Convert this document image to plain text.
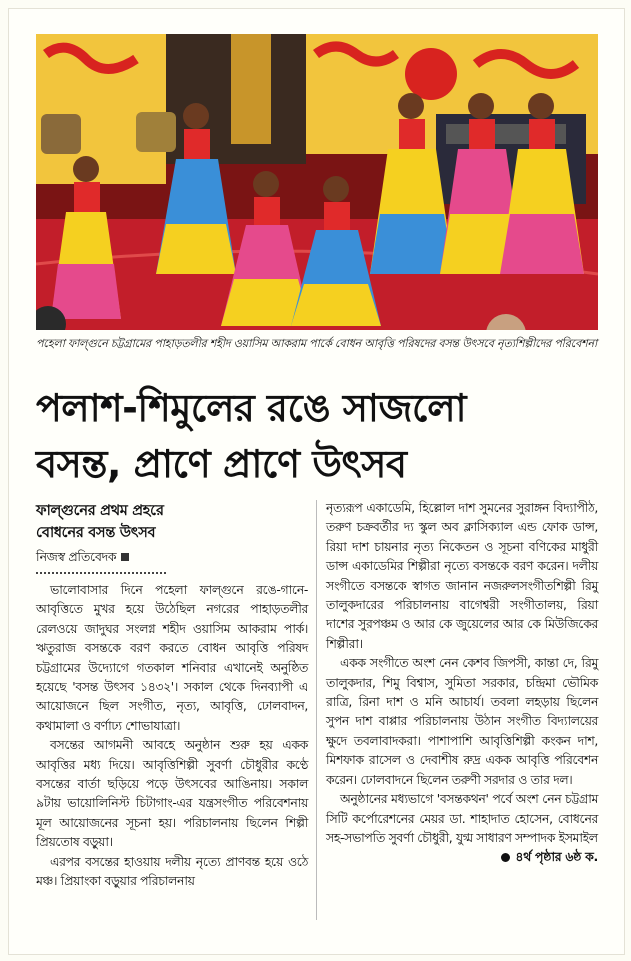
পহেলা ফাল্গুনে চট্টগ্রামের পাহাড়তলীর শহীদ ওয়াসিম আকরাম পার্কে বোধন আবৃত্তি পরিষদের বসন্ত উৎসবে নৃত্যশিল্পীদের পরিবেশনা
পলাশ-শিমুলের রঙে সাজলো
বসন্ত, প্রাণে প্রাণে উৎসব
ফাল্গুনের প্রথম প্রহরে
বোধনের বসন্ত উৎসব
নিজস্ব প্রতিবেদক

ভালোবাসার দিনে পহেলা ফাল্গুনে রঙে-গানে-আবৃত্তিতে মুখর হয়ে উঠেছিল নগরের পাহাড়তলীর রেলওয়ে জাদুঘর সংলগ্ন শহীদ ওয়াসিম আকরাম পার্ক। ঋতুরাজ বসন্তকে বরণ করতে বোধন আবৃত্তি পরিষদ চট্টগ্রামের উদ্যোগে গতকাল শনিবার এখানেই অনুষ্ঠিত হয়েছে 'বসন্ত উৎসব ১৪৩২'। সকাল থেকে দিনব্যাপী এ আয়োজনে ছিল সংগীত, নৃত্য, আবৃত্তি, ঢোলবাদন, কথামালা ও বর্ণাঢ্য শোভাযাত্রা।

বসন্তের আগমনী আবহে অনুষ্ঠান শুরু হয় একক আবৃত্তির মধ্য দিয়ে। আবৃত্তিশিল্পী সুবর্ণা চৌধুরীর কণ্ঠে বসন্তের বার্তা ছড়িয়ে পড়ে উৎসবের আঙিনায়। সকাল ৯টায় ভায়োলিনিস্ট চিটাগাং-এর যন্ত্রসংগীত পরিবেশনায় মূল আয়োজনের সূচনা হয়। পরিচালনায় ছিলেন শিল্পী প্রিয়তোষ বড়ুয়া।

এরপর বসন্তের হাওয়ায় দলীয় নৃত্যে প্রাণবন্ত হয়ে ওঠে মঞ্চ। প্রিয়াংকা বড়ুয়ার পরিচালনায়

নৃত্যরূপ একাডেমি, হিল্লোল দাশ সুমনের সুরাঙ্গন বিদ্যাপীঠ, তরুণ চক্রবর্তীর দ্য স্কুল অব ক্লাসিক্যাল এন্ড ফোক ডান্স, রিয়া দাশ চায়নার নৃত্য নিকেতন ও সূচনা বণিকের মাধুরী ডান্স একাডেমির শিল্পীরা নৃত্যে বসন্তকে বরণ করেন। দলীয় সংগীতে বসন্তকে স্বাগত জানান নজরুলসংগীতশিল্পী রিমু তালুকদারের পরিচালনায় বাগেশ্বরী সংগীতালয়, রিয়া দাশের সুরপঞ্চম ও আর কে জুয়েলের আর কে মিউজিকের শিল্পীরা।

একক সংগীতে অংশ নেন কেশব জিপসী, কান্তা দে, রিমু তালুকদার, শিমু বিশ্বাস, সুমিতা সরকার, চন্দ্রিমা ভৌমিক রাত্রি, রিনা দাশ ও মনি আচার্য। তবলা লহড়ায় ছিলেন সুপন দাশ বাপ্পার পরিচালনায় উঠান সংগীত বিদ্যালয়ের ক্ষুদে তবলাবাদকরা। পাশাপাশি আবৃত্তিশিল্পী কংকন দাশ, মিশফাক রাসেল ও দেবাশীষ রুদ্র একক আবৃত্তি পরিবেশন করেন। ঢোলবাদনে ছিলেন তরুণী সরদার ও তার দল।

অনুষ্ঠানের মধ্যভাগে 'বসন্তকথন' পর্বে অংশ নেন চট্টগ্রাম সিটি কর্পোরেশনের মেয়র ডা. শাহাদাত হোসেন, বোধনের সহ-সভাপতি সুবর্ণা চৌধুরী, যুগ্ম সাধারণ সম্পাদক ইসমাইল

৪র্থ পৃষ্ঠার ৬ষ্ঠ ক.
